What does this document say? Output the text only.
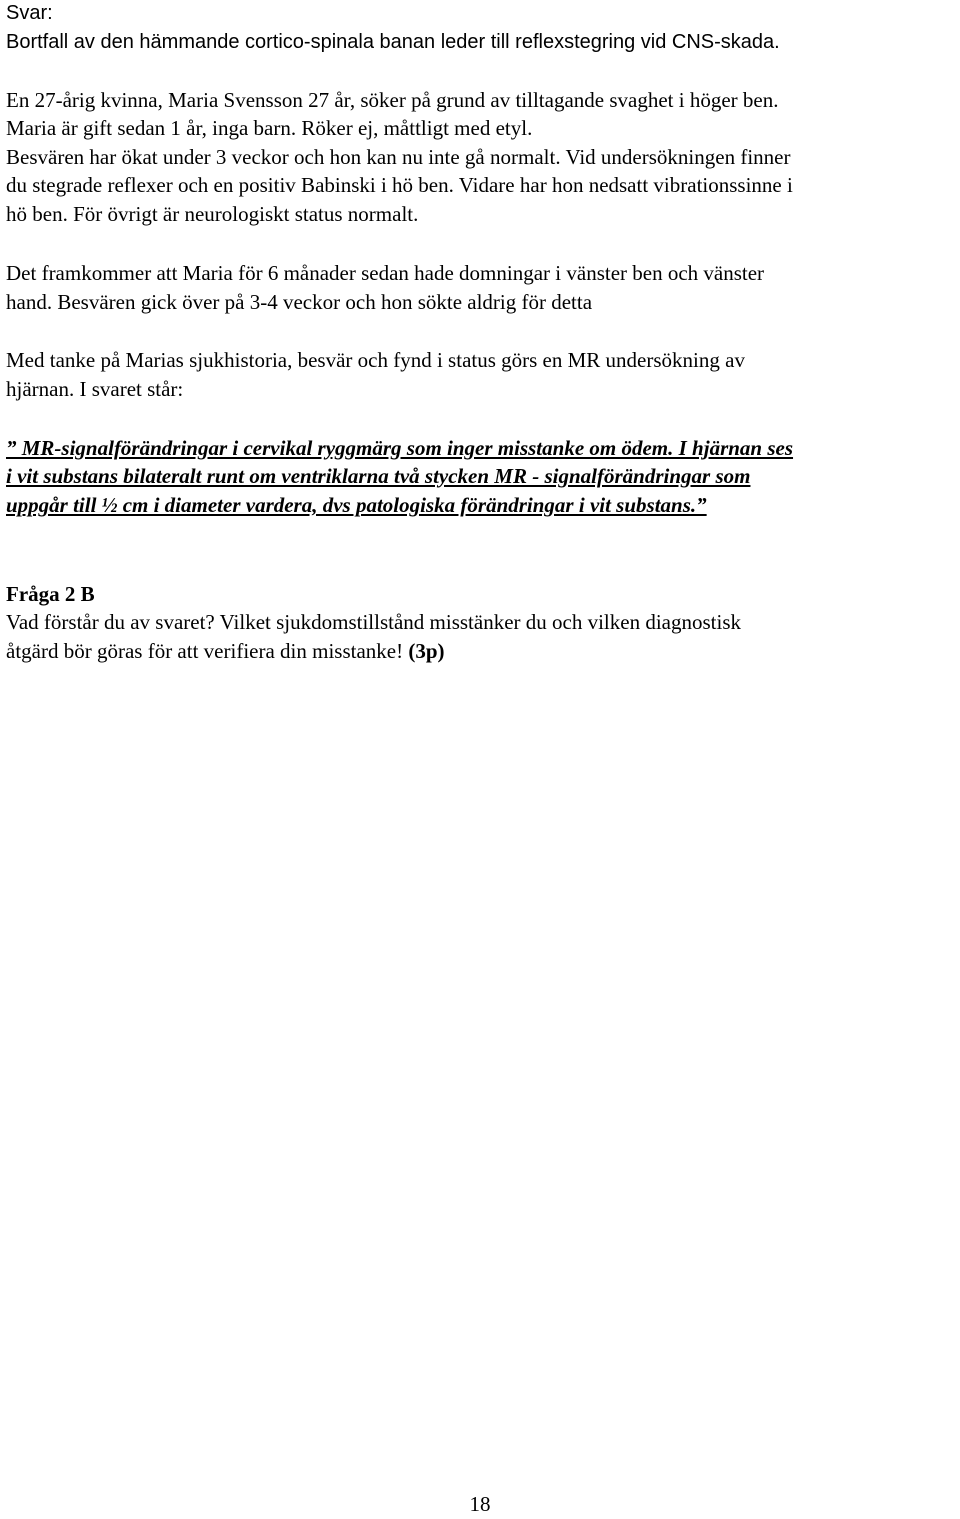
Svar:
Bortfall av den hämmande cortico-spinala banan leder till reflexstegring vid CNS-skada.
En 27-årig kvinna, Maria Svensson 27 år, söker på grund av tilltagande svaghet i höger ben.
Maria är gift sedan 1 år, inga barn. Röker ej, måttligt med etyl.
Besvären har ökat under 3 veckor och hon kan nu inte gå normalt. Vid undersökningen finner
du stegrade reflexer och en positiv Babinski i hö ben. Vidare har hon nedsatt vibrationssinne i
hö ben. För övrigt är neurologiskt status normalt.
Det framkommer att Maria för 6 månader sedan hade domningar i vänster ben och vänster
hand. Besvären gick över på 3-4 veckor och hon sökte aldrig för detta
Med tanke på Marias sjukhistoria, besvär och fynd i status görs en MR undersökning av
hjärnan. I svaret står:
” MR-signalförändringar i cervikal ryggmärg som inger misstanke om ödem. I hjärnan ses
i vit substans bilateralt runt om ventriklarna två stycken MR - signalförändringar som
uppgår till ½ cm i diameter vardera, dvs patologiska förändringar i vit substans.”
Fråga 2 B
Vad förstår du av svaret? Vilket sjukdomstillstånd misstänker du och vilken diagnostisk
åtgärd bör göras för att verifiera din misstanke! (3p)
18
